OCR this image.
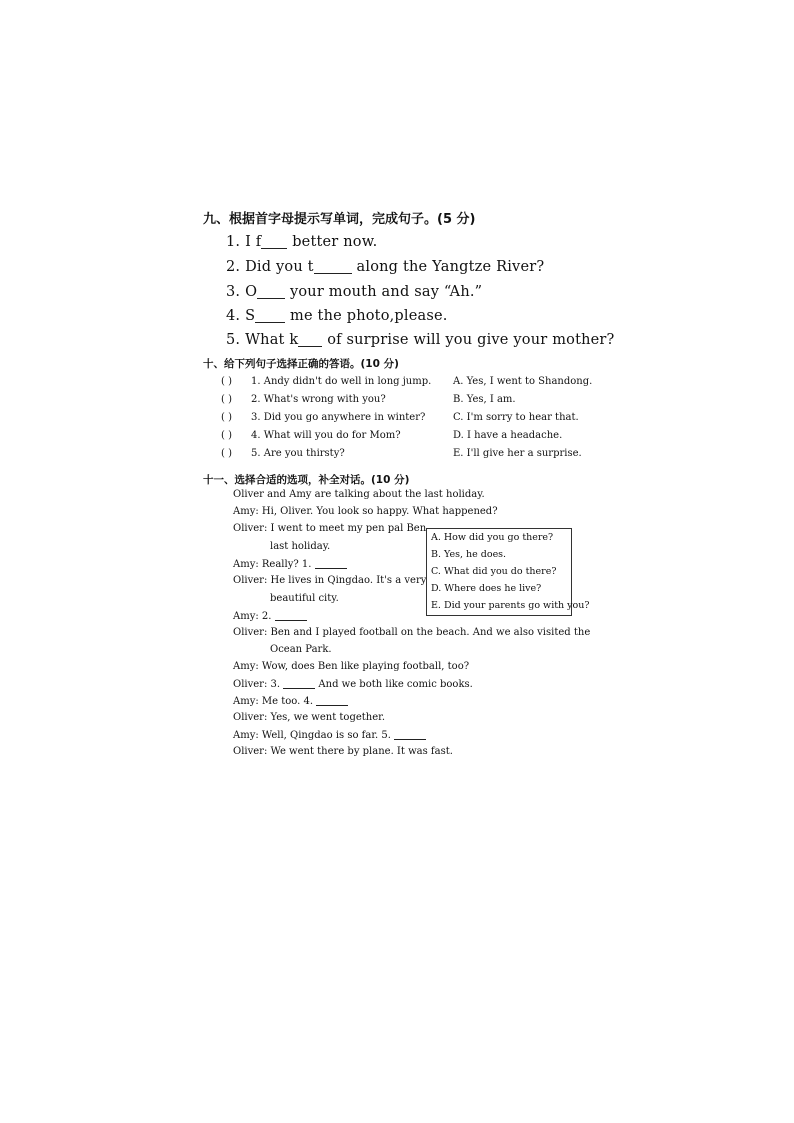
九、根据首字母提示写单词，完成句子。(5 分)
1. I f better now.
2. Did you t	along the Yangtze River?
3. O your mouth and say “Ah.”
4. S me the photo,please.
5. What k of surprise will you give your mother?
十、给下列句子选择正确的答语。(10 分)
( ) 1. Andy didn't do well in long jump. A. Yes, I went to Shandong.
( ) 2. What's wrong with you?	B. Yes, I am.
( ) 3. Did you go anywhere in winter?	C. I'm sorry to hear that.
( ) 4. What will you do for Mom?	D. I have a headache.
( ) 5. Are you thirsty?	E. I'll give her a surprise.
十一、选择合适的选项，补全对话。(10 分)
Oliver and Amy are talking about the last holiday.
Amy: Hi, Oliver. You look so happy. What happened?
Oliver: I went to meet my pen pal Ben
last holiday.
Amy: Really? 1.
Oliver: He lives in Qingdao. It's a very
beautiful city.
Amy: 2.
Oliver: Ben and I played football on the beach. And we also visited the
Ocean Park.
Amy: Wow, does Ben like playing football, too?
Oliver: 3.	And we both like comic books.
Amy: Me too. 4.
Oliver: Yes, we went together.
Amy: Well, Qingdao is so far. 5.
Oliver: We went there by plane. It was fast.
A. How did you go there?
B. Yes, he does.
C. What did you do there?
D. Where does he live?
E. Did your parents go with you?
